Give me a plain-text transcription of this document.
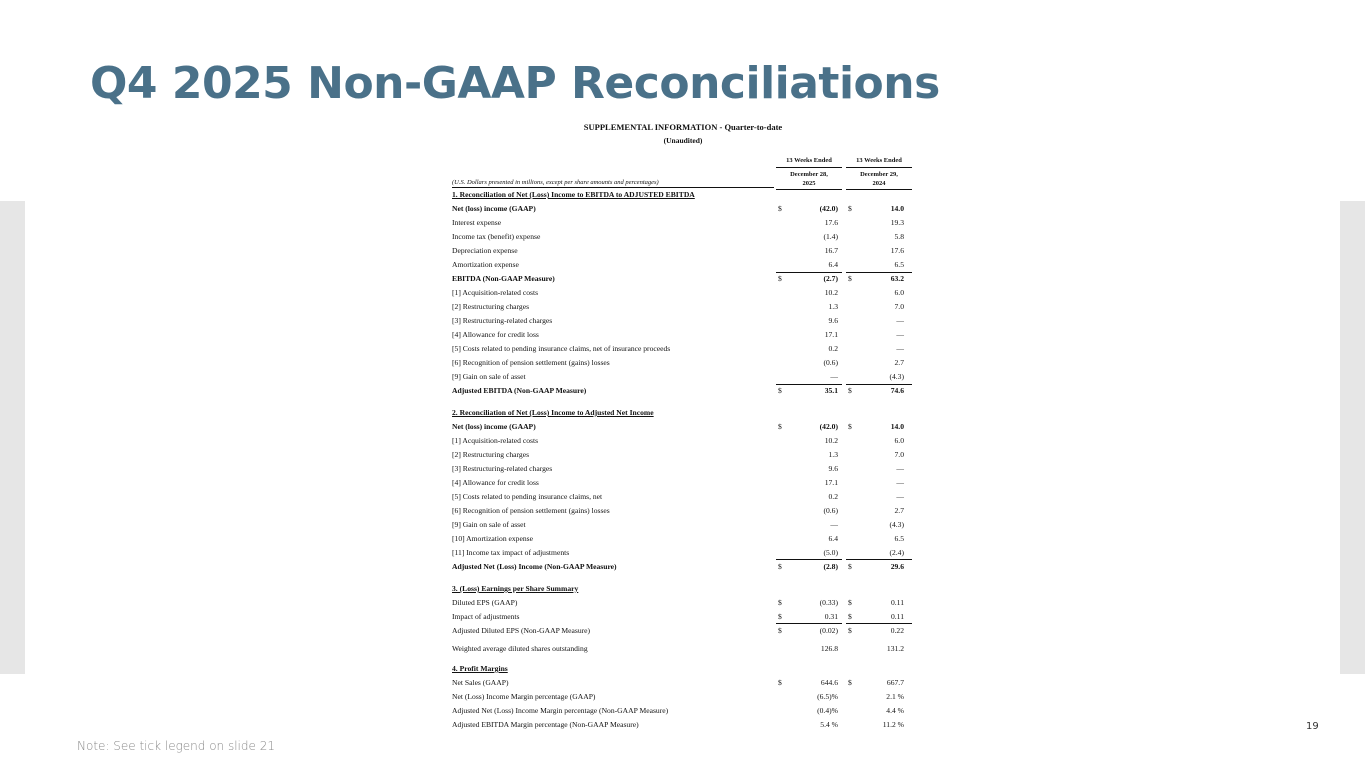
Q4 2025 Non-GAAP Reconciliations
SUPPLEMENTAL INFORMATION - Quarter-to-date
(Unaudited)
(U.S. Dollars presented in millions, except per share amounts and percentages)
13 Weeks Ended
December 28,
2025
13 Weeks Ended
December 29,
2024
1. Reconciliation of Net (Loss) Income to EBITDA to ADJUSTED EBITDA
Net (loss) income (GAAP)	$	(42.0) $	14.0
Interest expense	17.6	19.3
Income tax (benefit) expense	(1.4)	5.8
Depreciation expense	16.7	17.6
Amortization expense	6.4	6.5
EBITDA (Non-GAAP Measure)	$	(2.7) $	63.2
[1] Acquisition-related costs	10.2	6.0
[2] Restructuring charges	1.3	7.0
[3] Restructuring-related charges	9.6	—
[4] Allowance for credit loss	17.1	—
[5] Costs related to pending insurance claims, net of insurance proceeds	0.2	—
[6] Recognition of pension settlement (gains) losses	(0.6)	2.7
[9] Gain on sale of asset	—	(4.3)
Adjusted EBITDA (Non-GAAP Measure)	$	35.1 $	74.6
2. Reconciliation of Net (Loss) Income to Adjusted Net Income
Net (loss) income (GAAP)	$	(42.0) $	14.0
[1] Acquisition-related costs	10.2	6.0
[2] Restructuring charges	1.3	7.0
[3] Restructuring-related charges	9.6	—
[4] Allowance for credit loss	17.1	—
[5] Costs related to pending insurance claims, net	0.2	—
[6] Recognition of pension settlement (gains) losses	(0.6)	2.7
[9] Gain on sale of asset	—	(4.3)
[10] Amortization expense	6.4	6.5
[11] Income tax impact of adjustments	(5.0)	(2.4)
Adjusted Net (Loss) Income (Non-GAAP Measure)	$	(2.8) $	29.6
3. (Loss) Earnings per Share Summary
Diluted EPS (GAAP)	$	(0.33) $	0.11
Impact of adjustments	$	0.31 $	0.11
Adjusted Diluted EPS (Non-GAAP Measure)	$	(0.02) $	0.22
Weighted average diluted shares outstanding	126.8	131.2
4. Profit Margins
Net Sales (GAAP)	$	644.6 $	667.7
Net (Loss) Income Margin percentage (GAAP)	(6.5)%	2.1 %
Adjusted Net (Loss) Income Margin percentage (Non-GAAP Measure)	(0.4)%	4.4 %
Adjusted EBITDA Margin percentage (Non-GAAP Measure)	5.4 %	11.2 %
Note: See tick legend on slide 21
19
